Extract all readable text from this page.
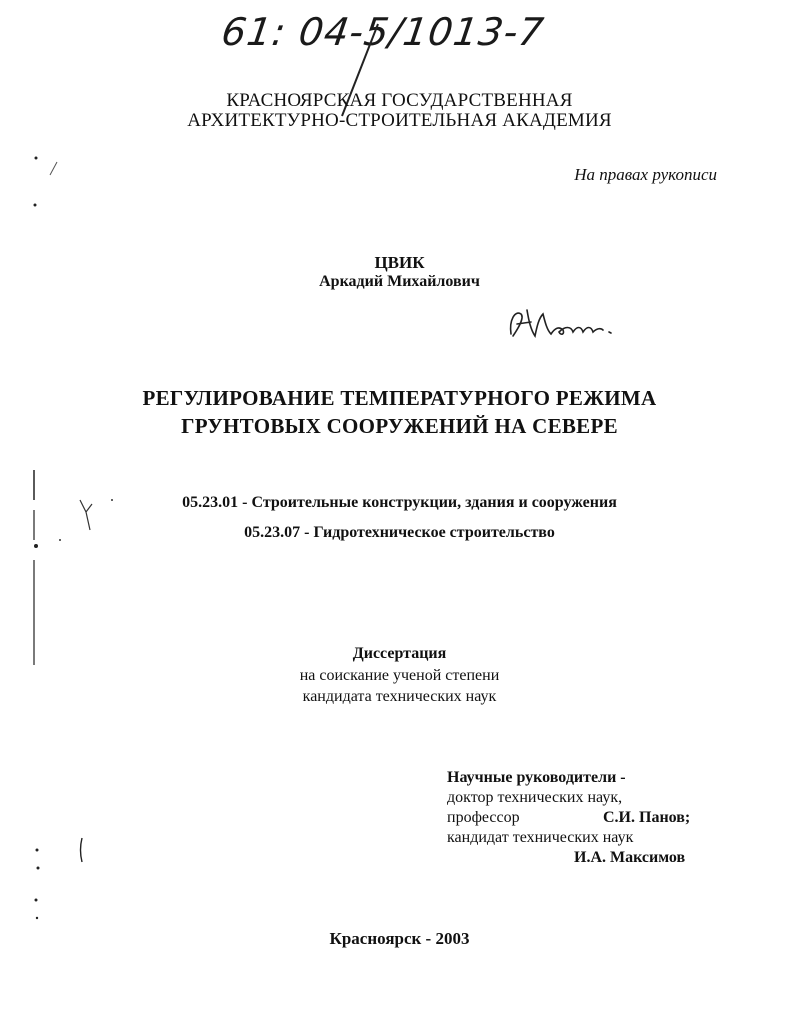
61: 04-5/1013-7
КРАСНОЯРСКАЯ ГОСУДАРСТВЕННАЯ
АРХИТЕКТУРНО-СТРОИТЕЛЬНАЯ АКАДЕМИЯ
На правах рукописи
ЦВИК
Аркадий Михайлович
РЕГУЛИРОВАНИЕ ТЕМПЕРАТУРНОГО РЕЖИМА
ГРУНТОВЫХ СООРУЖЕНИЙ НА СЕВЕРЕ
05.23.01 - Строительные конструкции, здания и сооружения
05.23.07 - Гидротехническое строительство
Диссертация
на соискание ученой степени
кандидата технических наук
Научные руководители -
доктор технических наук,
профессор	С.И. Панов;
кандидат технических наук
И.А. Максимов
Красноярск - 2003
